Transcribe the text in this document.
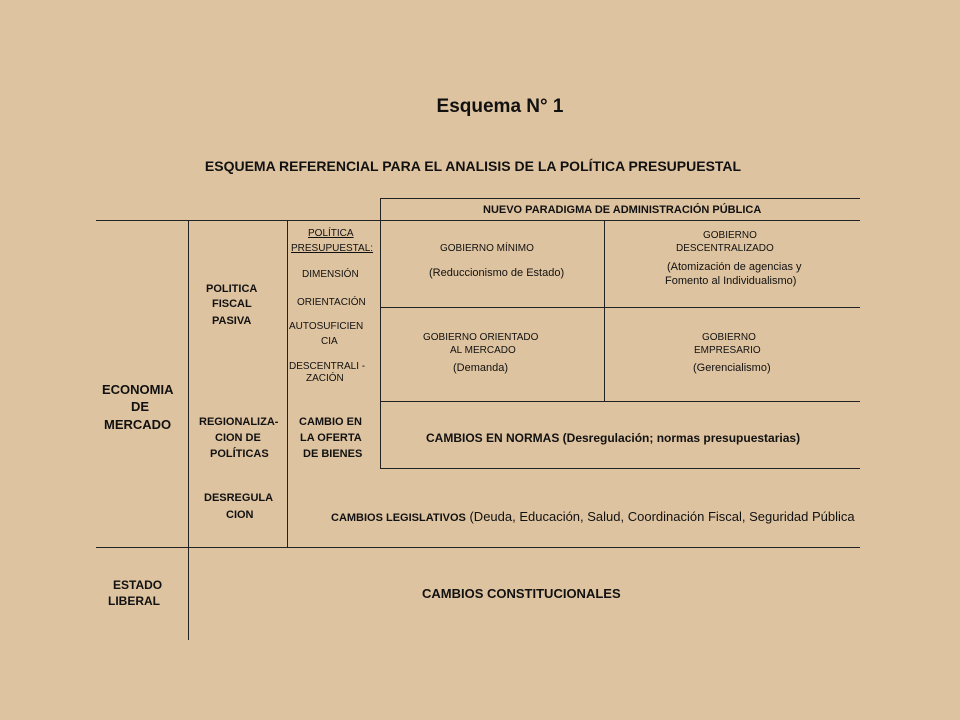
Esquema N° 1
ESQUEMA REFERENCIAL PARA EL ANALISIS DE LA POLÍTICA PRESUPUESTAL
NUEVO PARADIGMA DE ADMINISTRACIÓN PÚBLICA
ECONOMIA
DE
MERCADO
ESTADO
LIBERAL
POLITICA
FISCAL
PASIVA
REGIONALIZA-
CION DE
POLÍTICAS
DESREGULA
CION
POLÍTICA
PRESUPUESTAL:
DIMENSIÓN
ORIENTACIÓN
AUTOSUFICIEN
CIA
DESCENTRALI -
ZACIÓN
CAMBIO EN
LA OFERTA
DE BIENES
GOBIERNO MÍNIMO
(Reduccionismo de Estado)
GOBIERNO
DESCENTRALIZADO
(Atomización de agencias y
Fomento al Individualismo)
GOBIERNO ORIENTADO
AL MERCADO
(Demanda)
GOBIERNO
EMPRESARIO
(Gerencialismo)
CAMBIOS EN NORMAS (Desregulación; normas presupuestarias)
CAMBIOS LEGISLATIVOS (Deuda, Educación, Salud, Coordinación Fiscal, Seguridad Pública
CAMBIOS CONSTITUCIONALES
